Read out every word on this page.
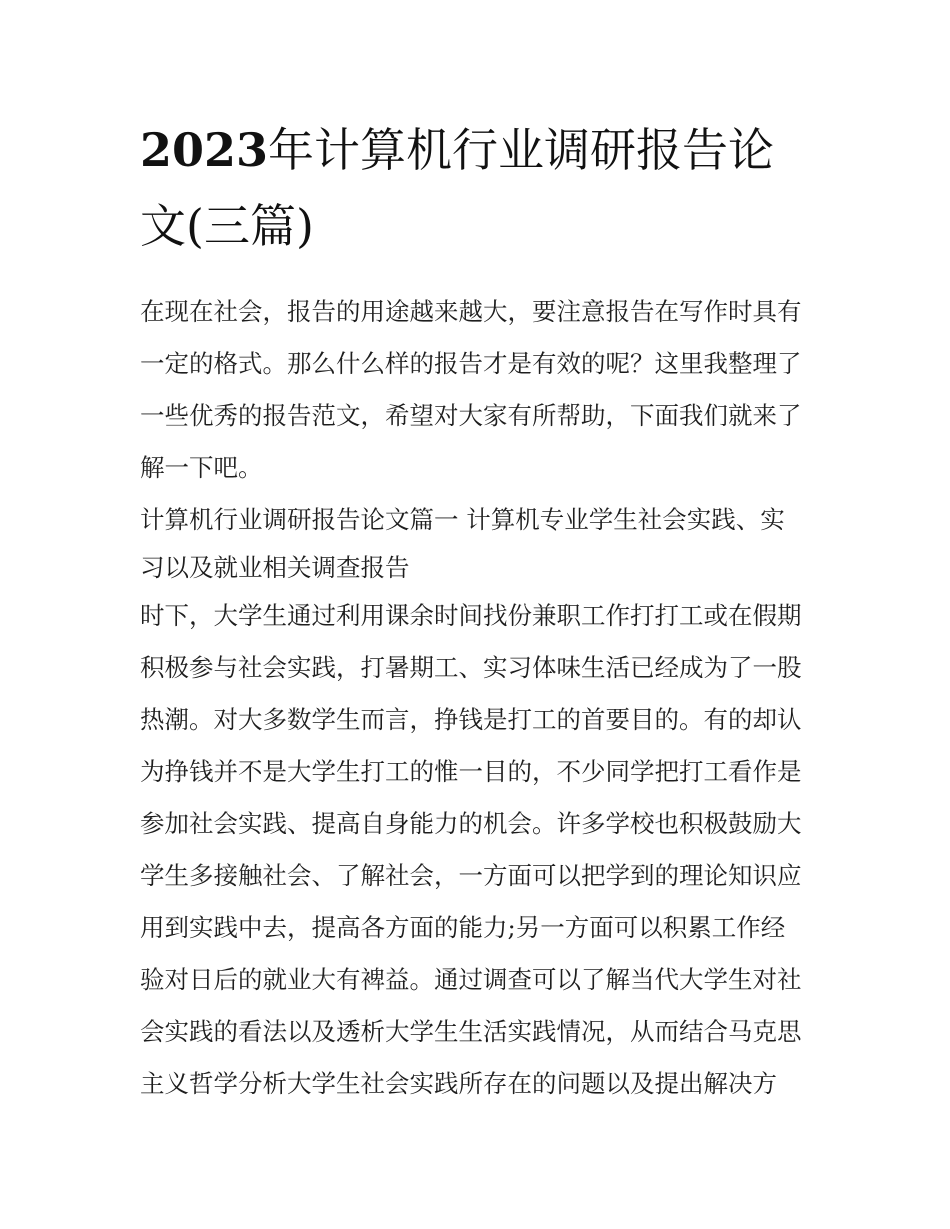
2023年计算机行业调研报告论
文(三篇)
在现在社会，报告的用途越来越大，要注意报告在写作时具有
一定的格式。那么什么样的报告才是有效的呢？这里我整理了
一些优秀的报告范文，希望对大家有所帮助，下面我们就来了
解一下吧。
计算机行业调研报告论文篇一 计算机专业学生社会实践、实
习以及就业相关调查报告
时下，大学生通过利用课余时间找份兼职工作打打工或在假期
积极参与社会实践，打暑期工、实习体味生活已经成为了一股
热潮。对大多数学生而言，挣钱是打工的首要目的。有的却认
为挣钱并不是大学生打工的惟一目的，不少同学把打工看作是
参加社会实践、提高自身能力的机会。许多学校也积极鼓励大
学生多接触社会、了解社会，一方面可以把学到的理论知识应
用到实践中去，提高各方面的能力;另一方面可以积累工作经
验对日后的就业大有裨益。通过调查可以了解当代大学生对社
会实践的看法以及透析大学生生活实践情况，从而结合马克思
主义哲学分析大学生社会实践所存在的问题以及提出解决方
